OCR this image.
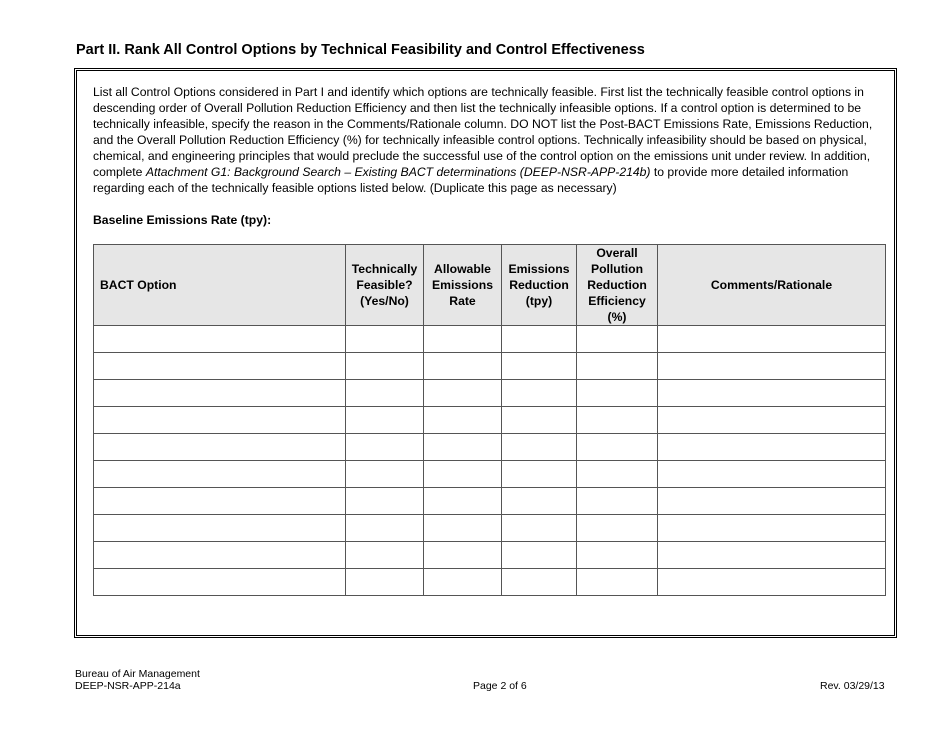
Part II. Rank All Control Options by Technical Feasibility and Control Effectiveness

List all Control Options considered in Part I and identify which options are technically feasible. First list the technically feasible control options in descending order of Overall Pollution Reduction Efficiency and then list the technically infeasible options. If a control option is determined to be technically infeasible, specify the reason in the Comments/Rationale column. DO NOT list the Post-BACT Emissions Rate, Emissions Reduction, and the Overall Pollution Reduction Efficiency (%) for technically infeasible control options. Technically infeasibility should be based on physical, chemical, and engineering principles that would preclude the successful use of the control option on the emissions unit under review. In addition, complete Attachment G1: Background Search – Existing BACT determinations (DEEP-NSR-APP-214b) to provide more detailed information regarding each of the technically feasible options listed below. (Duplicate this page as necessary)

Baseline Emissions Rate (tpy):

BACT Option	Technically
Feasible?
(Yes/No)	Allowable
Emissions
Rate	Emissions
Reduction
(tpy)	Overall
Pollution
Reduction
Efficiency
(%)	Comments/Rationale

Bureau of Air Management
DEEP-NSR-APP-214a	Page 2 of 6	Rev. 03/29/13
